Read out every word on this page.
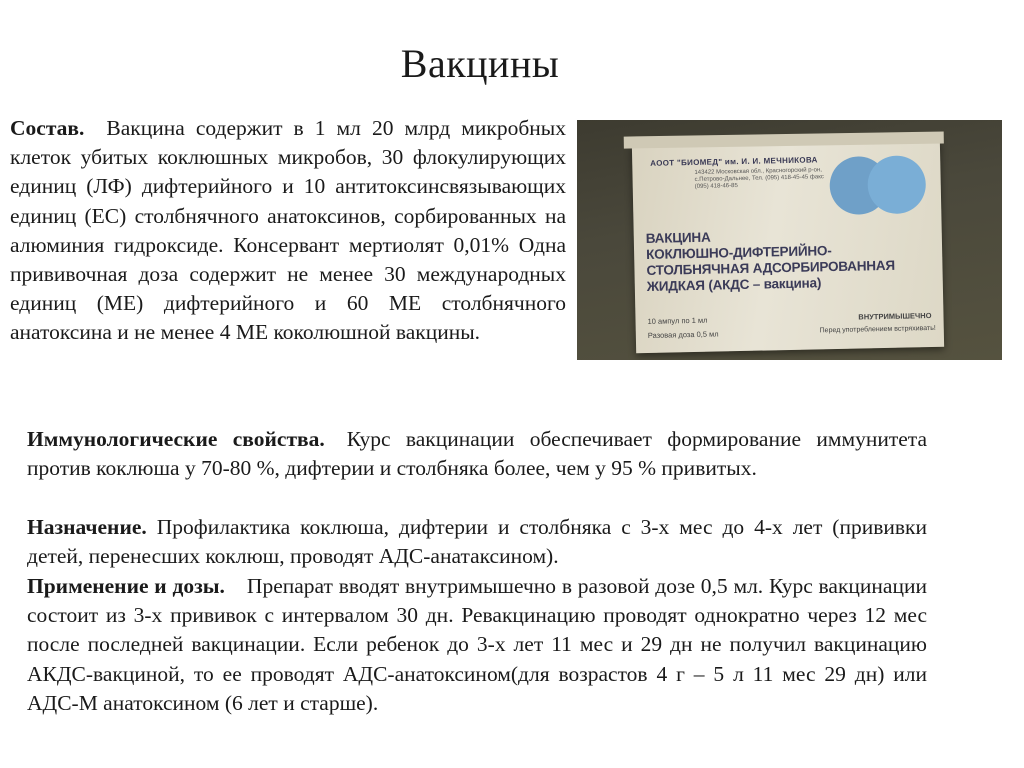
Вакцины
Состав. Вакцина содержит в 1 мл 20 млрд микробных клеток убитых коклюшных микробов, 30 флокулирующих единиц (ЛФ) дифтерийного и 10 антитоксинсвязывающих единиц (ЕС) столбнячного анатоксинов, сорбированных на алюминия гидроксиде. Консервант мертиолят 0,01% Одна прививочная доза содержит не менее 30 международных единиц (МЕ) дифтерийного и 60 МЕ столбнячного анатоксина и не менее 4 МЕ коколюшной вакцины.
АООТ "БИОМЕД" им. И. И. МЕЧНИКОВА
143422 Московская обл., Красногорский р-он, с.Петрово-Дальнее, Тел. (095) 418-45-45 факс (095) 418-46-85
ВАКЦИНА
КОКЛЮШНО-ДИФТЕРИЙНО-
СТОЛБНЯЧНАЯ АДСОРБИРОВАННАЯ
ЖИДКАЯ (АКДС – вакцина)
10 ампул по 1 мл
Разовая доза 0,5 мл
ВНУТРИМЫШЕЧНО
Перед употреблением встряхивать!
Иммунологические свойства. Курс вакцинации обеспечивает формирование иммунитета против коклюша у 70-80 %, дифтерии и столбняка более, чем у 95 % привитых.
Назначение. Профилактика коклюша, дифтерии и столбняка с 3-х мес до 4-х лет (прививки детей, перенесших коклюш, проводят АДС-анатаксином).
Применение и дозы. Препарат вводят внутримышечно в разовой дозе 0,5 мл. Курс вакцинации состоит из 3-х прививок с интервалом 30 дн. Ревакцинацию проводят однократно через 12 мес после последней вакцинации. Если ребенок до 3-х лет 11 мес и 29 дн не получил вакцинацию АКДС-вакциной, то ее проводят АДС-анатоксином(для возрастов 4 г – 5 л 11 мес 29 дн) или АДС-М анатоксином (6 лет и старше).
